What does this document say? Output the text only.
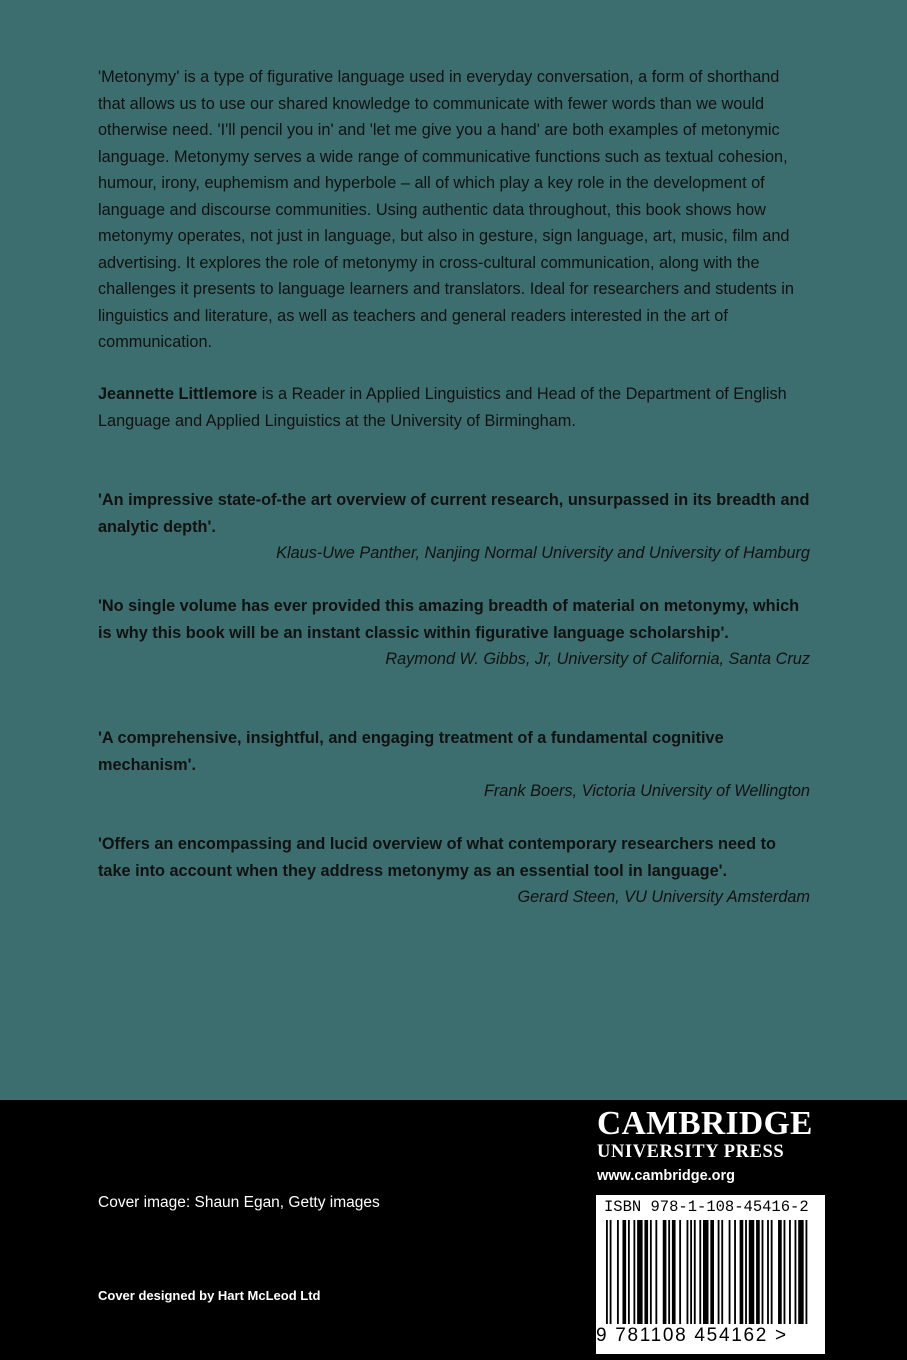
'Metonymy' is a type of figurative language used in everyday conversation, a form of shorthand that allows us to use our shared knowledge to communicate with fewer words than we would otherwise need. 'I'll pencil you in' and 'let me give you a hand' are both examples of metonymic language. Metonymy serves a wide range of communicative functions such as textual cohesion, humour, irony, euphemism and hyperbole – all of which play a key role in the development of language and discourse communities. Using authentic data throughout, this book shows how metonymy operates, not just in language, but also in gesture, sign language, art, music, film and advertising. It explores the role of metonymy in cross-cultural communication, along with the challenges it presents to language learners and translators. Ideal for researchers and students in linguistics and literature, as well as teachers and general readers interested in the art of communication.

Jeannette Littlemore is a Reader in Applied Linguistics and Head of the Department of English Language and Applied Linguistics at the University of Birmingham.

'An impressive state-of-the art overview of current research, unsurpassed in its breadth and analytic depth'.

Klaus-Uwe Panther, Nanjing Normal University and University of Hamburg

'No single volume has ever provided this amazing breadth of material on metonymy, which is why this book will be an instant classic within figurative language scholarship'.

Raymond W. Gibbs, Jr, University of California, Santa Cruz

'A comprehensive, insightful, and engaging treatment of a fundamental cognitive mechanism'.

Frank Boers, Victoria University of Wellington

'Offers an encompassing and lucid overview of what contemporary researchers need to take into account when they address metonymy as an essential tool in language'.

Gerard Steen, VU University Amsterdam

Cover image: Shaun Egan, Getty images

Cover designed by Hart McLeod Ltd

CAMBRIDGE

UNIVERSITY PRESS

www.cambridge.org

ISBN 978-1-108-45416-2

9 781108 454162 >
